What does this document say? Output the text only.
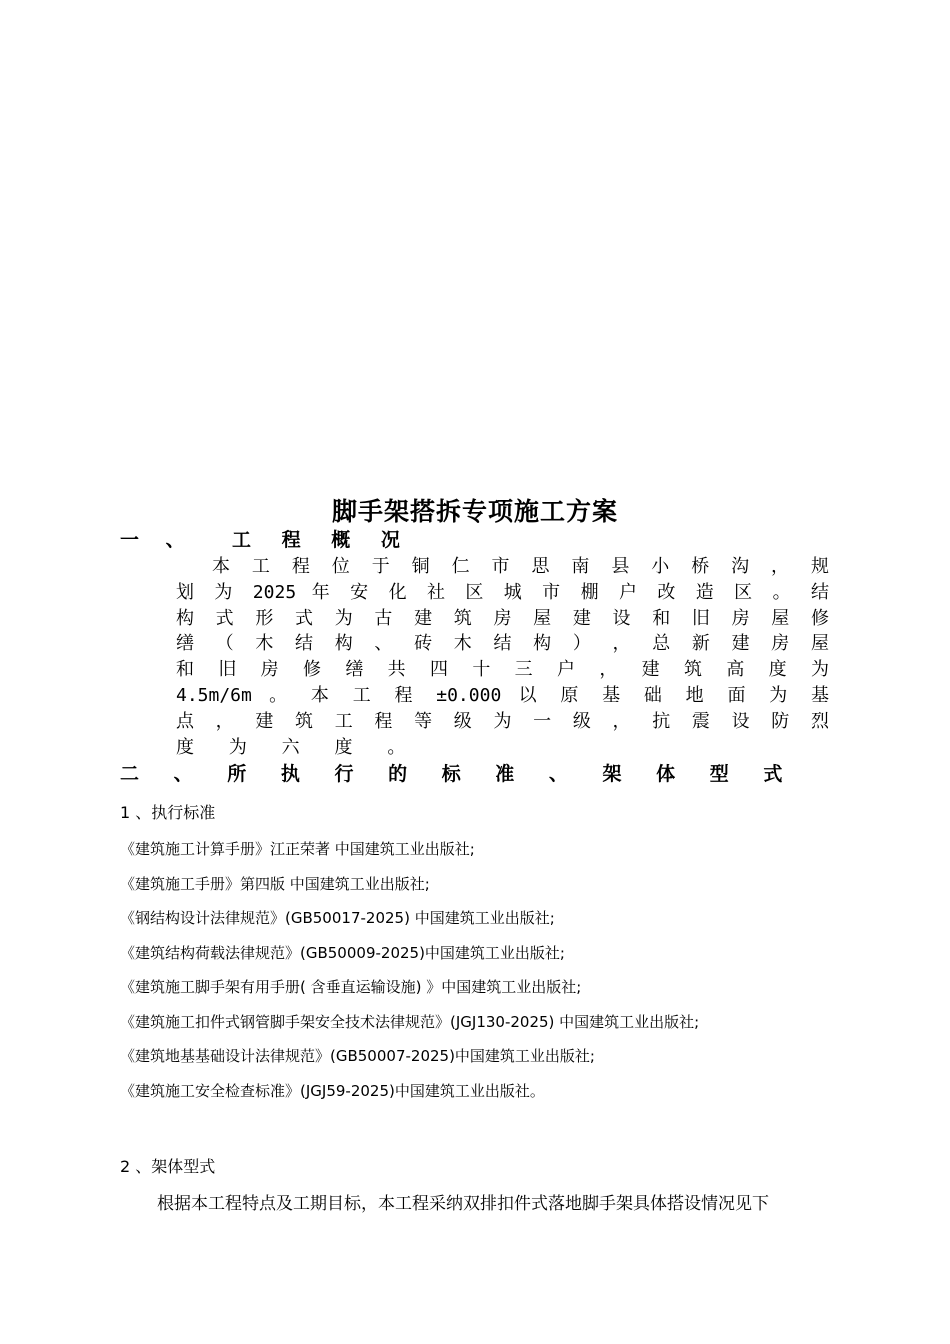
脚手架搭拆专项施工方案
一 、 工 程 概 况
本 工 程 位 于 铜 仁 市 思 南 县 小 桥 沟 ， 规
划 为 2025 年 安 化 社 区 城 市 棚 户 改 造 区 。 结
构 式 形 式 为 古 建 筑 房 屋 建 设 和 旧 房 屋 修
缮 （ 木 结 构 、 砖 木 结 构 ） ， 总 新 建 房 屋
和 旧 房 修 缮 共 四 十 三 户 ， 建 筑 高 度 为
4.5m/6m 。 本 工 程 ±0.000 以 原 基 础 地 面 为 基
点 ， 建 筑 工 程 等 级 为 一 级 ， 抗 震 设 防 烈
度 为 六 度 。
二 、 所 执 行 的 标 准 、 架 体 型 式
1 、执行标准
《建筑施工计算手册》江正荣著 中国建筑工业出版社;
《建筑施工手册》第四版 中国建筑工业出版社;
《钢结构设计法律规范》(GB50017-2025) 中国建筑工业出版社;
《建筑结构荷载法律规范》(GB50009-2025)中国建筑工业出版社;
《建筑施工脚手架有用手册( 含垂直运输设施) 》中国建筑工业出版社;
《建筑施工扣件式钢管脚手架安全技术法律规范》(JGJ130-2025) 中国建筑工业出版社;
《建筑地基基础设计法律规范》(GB50007-2025)中国建筑工业出版社;
《建筑施工安全检查标准》(JGJ59-2025)中国建筑工业出版社。
2 、架体型式
根据本工程特点及工期目标，本工程采纳双排扣件式落地脚手架具体搭设情况见下
